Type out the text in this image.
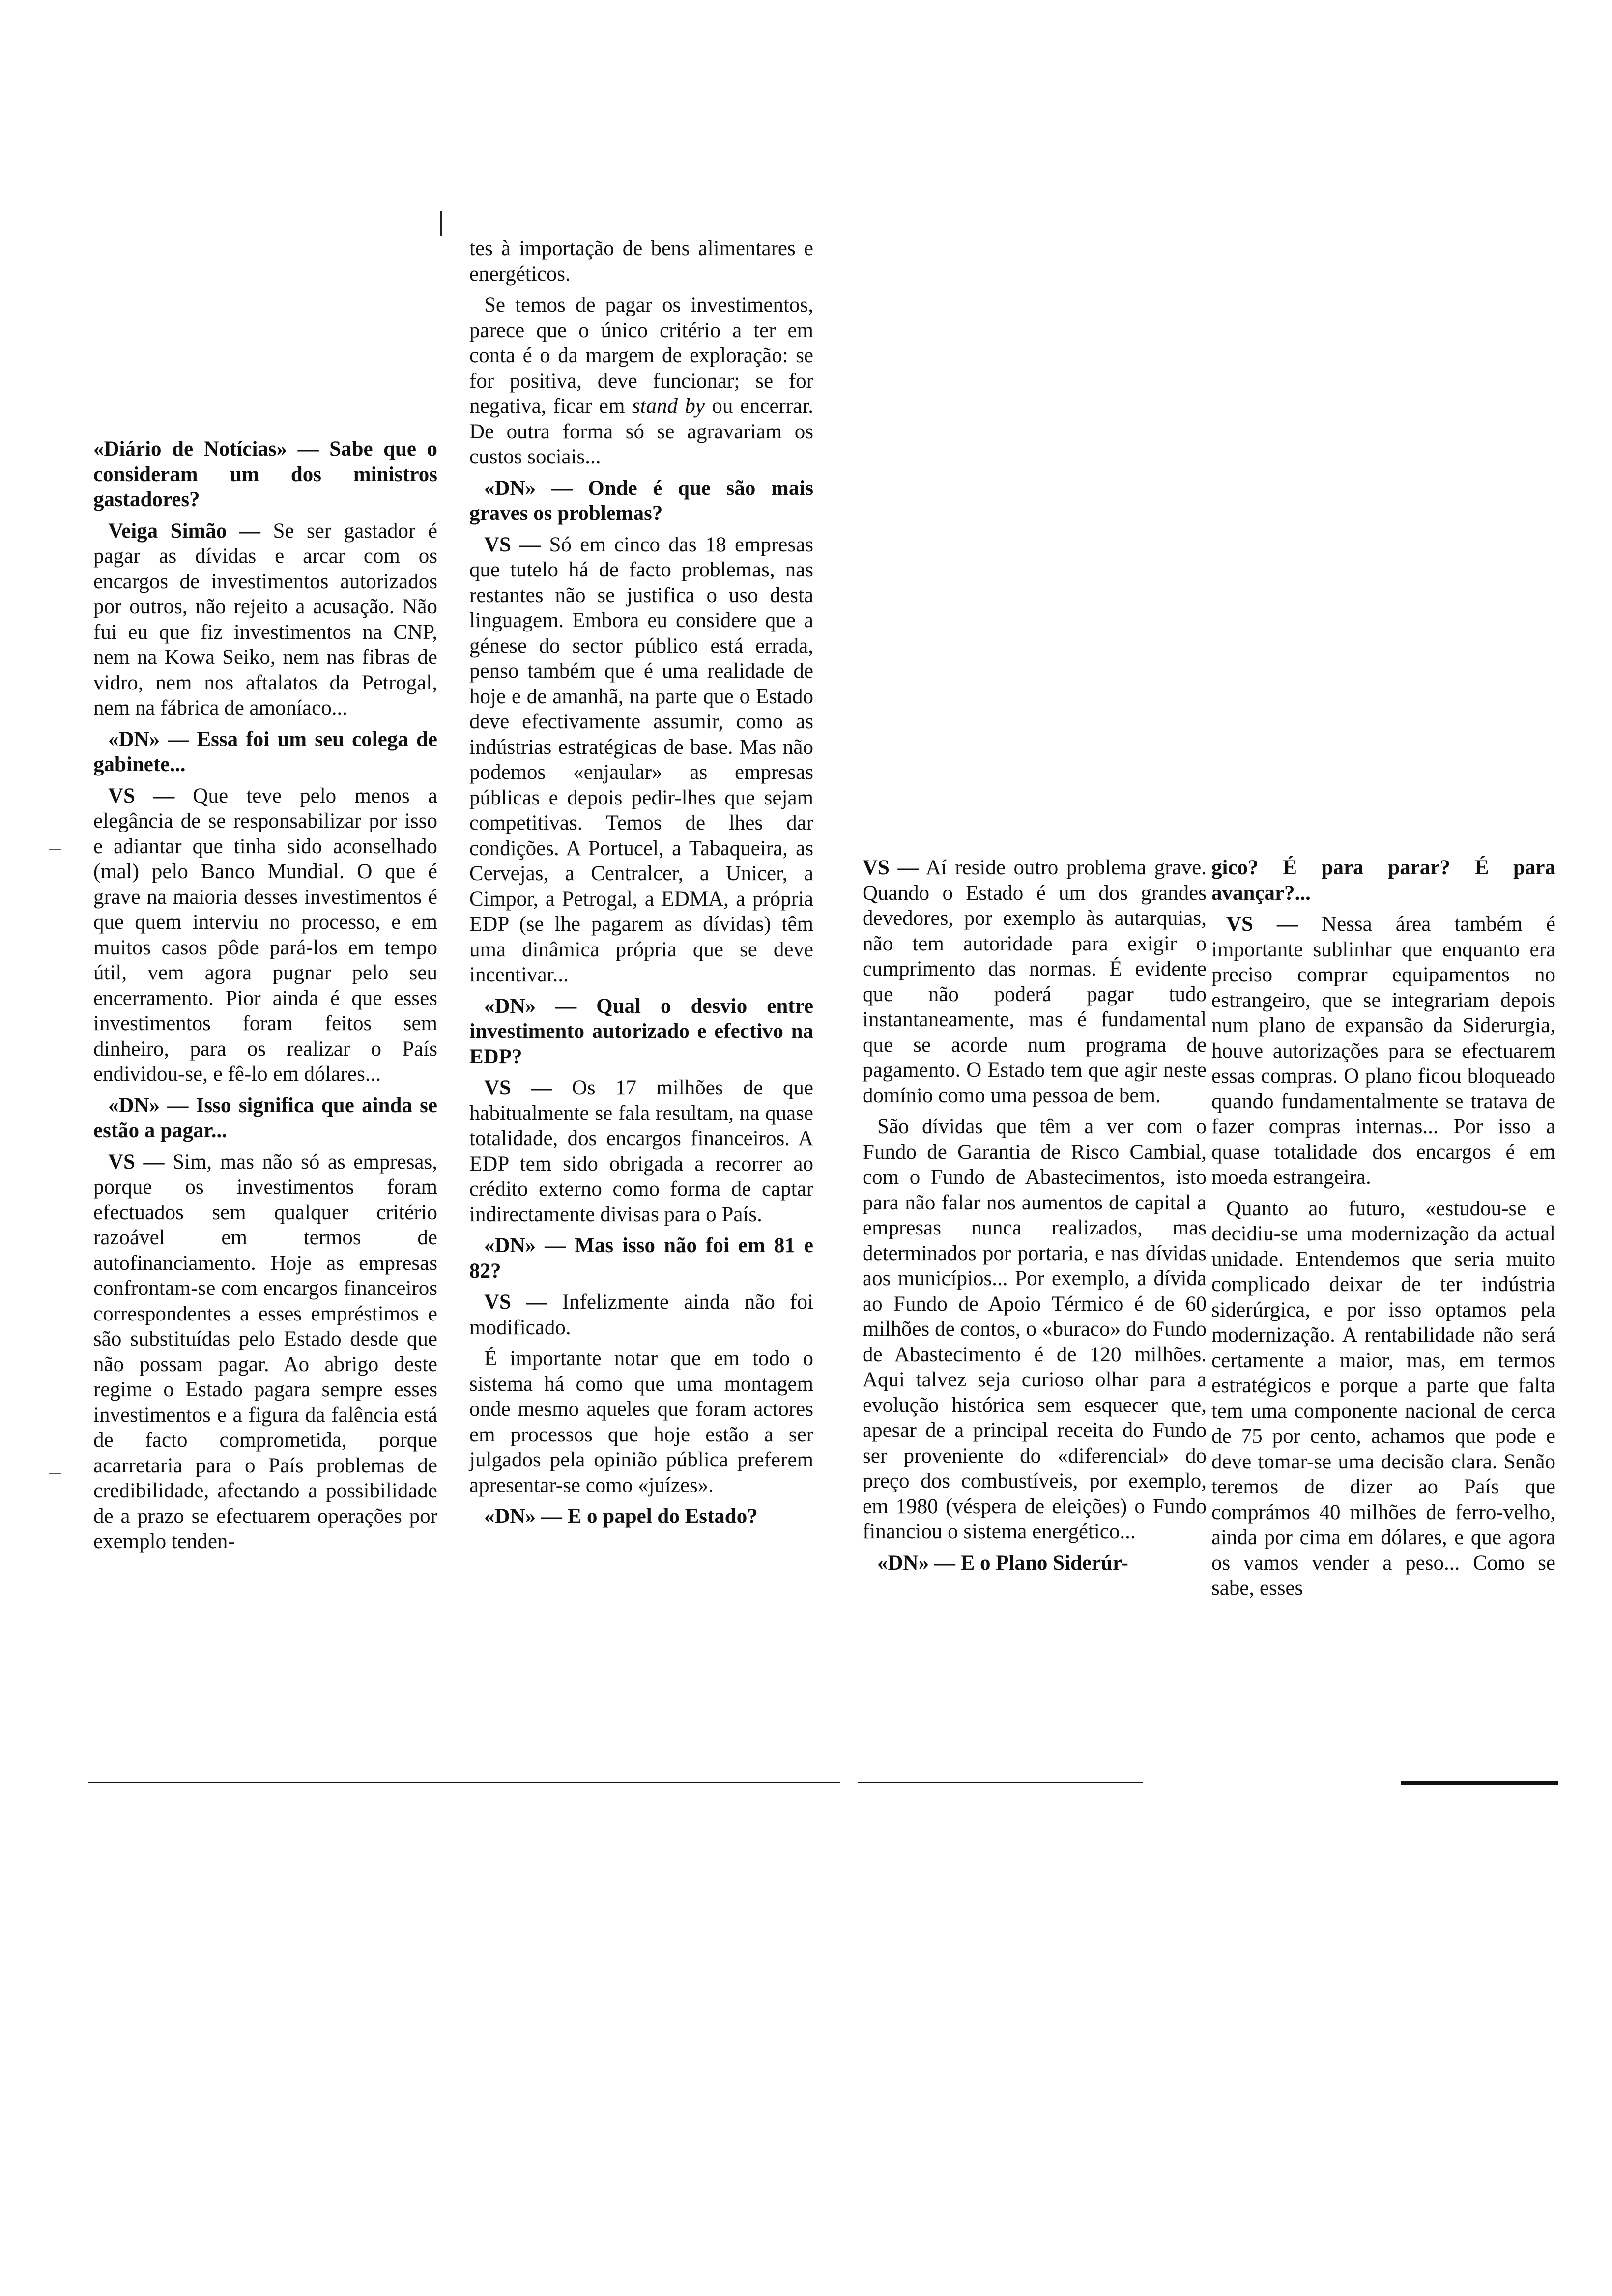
«Diário de Notícias» — Sabe que o consideram um dos ministros gastadores?

Veiga Simão — Se ser gastador é pagar as dívidas e arcar com os encargos de investimentos autorizados por outros, não rejeito a acusação. Não fui eu que fiz investimentos na CNP, nem na Kowa Seiko, nem nas fibras de vidro, nem nos aftalatos da Petrogal, nem na fábrica de amoníaco...

«DN» — Essa foi um seu colega de gabinete...

VS — Que teve pelo menos a elegância de se responsabilizar por isso e adiantar que tinha sido aconselhado (mal) pelo Banco Mundial. O que é grave na maioria desses investimentos é que quem interviu no processo, e em muitos casos pôde pará-los em tempo útil, vem agora pugnar pelo seu encerramento. Pior ainda é que esses investimentos foram feitos sem dinheiro, para os realizar o País endividou-se, e fê-lo em dólares...

«DN» — Isso significa que ainda se estão a pagar...

VS — Sim, mas não só as empresas, porque os investimentos foram efectuados sem qualquer critério razoável em termos de autofinanciamento. Hoje as empresas confrontam-se com encargos financeiros correspondentes a esses empréstimos e são substituídas pelo Estado desde que não possam pagar. Ao abrigo deste regime o Estado pagara sempre esses investimentos e a figura da falência está de facto comprometida, porque acarretaria para o País problemas de credibilidade, afectando a possibilidade de a prazo se efectuarem operações por exemplo tenden-

tes à importação de bens alimentares e energéticos.

Se temos de pagar os investimentos, parece que o único critério a ter em conta é o da margem de exploração: se for positiva, deve funcionar; se for negativa, ficar em stand by ou encerrar. De outra forma só se agravariam os custos sociais...

«DN» — Onde é que são mais graves os problemas?

VS — Só em cinco das 18 empresas que tutelo há de facto problemas, nas restantes não se justifica o uso desta linguagem. Embora eu considere que a génese do sector público está errada, penso também que é uma realidade de hoje e de amanhã, na parte que o Estado deve efectivamente assumir, como as indústrias estratégicas de base. Mas não podemos «enjaular» as empresas públicas e depois pedir-lhes que sejam competitivas. Temos de lhes dar condições. A Portucel, a Tabaqueira, as Cervejas, a Centralcer, a Unicer, a Cimpor, a Petrogal, a EDMA, a própria EDP (se lhe pagarem as dívidas) têm uma dinâmica própria que se deve incentivar...

«DN» — Qual o desvio entre investimento autorizado e efectivo na EDP?

VS — Os 17 milhões de que habitualmente se fala resultam, na quase totalidade, dos encargos financeiros. A EDP tem sido obrigada a recorrer ao crédito externo como forma de captar indirectamente divisas para o País.

«DN» — Mas isso não foi em 81 e 82?

VS — Infelizmente ainda não foi modificado.

É importante notar que em todo o sistema há como que uma montagem onde mesmo aqueles que foram actores em processos que hoje estão a ser julgados pela opinião pública preferem apresentar-se como «juízes».

«DN» — E o papel do Estado?

VS — Aí reside outro problema grave. Quando o Estado é um dos grandes devedores, por exemplo às autarquias, não tem autoridade para exigir o cumprimento das normas. É evidente que não poderá pagar tudo instantaneamente, mas é fundamental que se acorde num programa de pagamento. O Estado tem que agir neste domínio como uma pessoa de bem.

São dívidas que têm a ver com o Fundo de Garantia de Risco Cambial, com o Fundo de Abastecimentos, isto para não falar nos aumentos de capital a empresas nunca realizados, mas determinados por portaria, e nas dívidas aos municípios... Por exemplo, a dívida ao Fundo de Apoio Térmico é de 60 milhões de contos, o «buraco» do Fundo de Abastecimento é de 120 milhões. Aqui talvez seja curioso olhar para a evolução histórica sem esquecer que, apesar de a principal receita do Fundo ser proveniente do «diferencial» do preço dos combustíveis, por exemplo, em 1980 (véspera de eleições) o Fundo financiou o sistema energético...

«DN» — E o Plano Siderúr-

gico? É para parar? É para avançar?...

VS — Nessa área também é importante sublinhar que enquanto era preciso comprar equipamentos no estrangeiro, que se integrariam depois num plano de expansão da Siderurgia, houve autorizações para se efectuarem essas compras. O plano ficou bloqueado quando fundamentalmente se tratava de fazer compras internas... Por isso a quase totalidade dos encargos é em moeda estrangeira.

Quanto ao futuro, «estudou-se e decidiu-se uma modernização da actual unidade. Entendemos que seria muito complicado deixar de ter indústria siderúrgica, e por isso optamos pela modernização. A rentabilidade não será certamente a maior, mas, em termos estratégicos e porque a parte que falta tem uma componente nacional de cerca de 75 por cento, achamos que pode e deve tomar-se uma decisão clara. Senão teremos de dizer ao País que comprámos 40 milhões de ferro-velho, ainda por cima em dólares, e que agora os vamos vender a peso... Como se sabe, esses
